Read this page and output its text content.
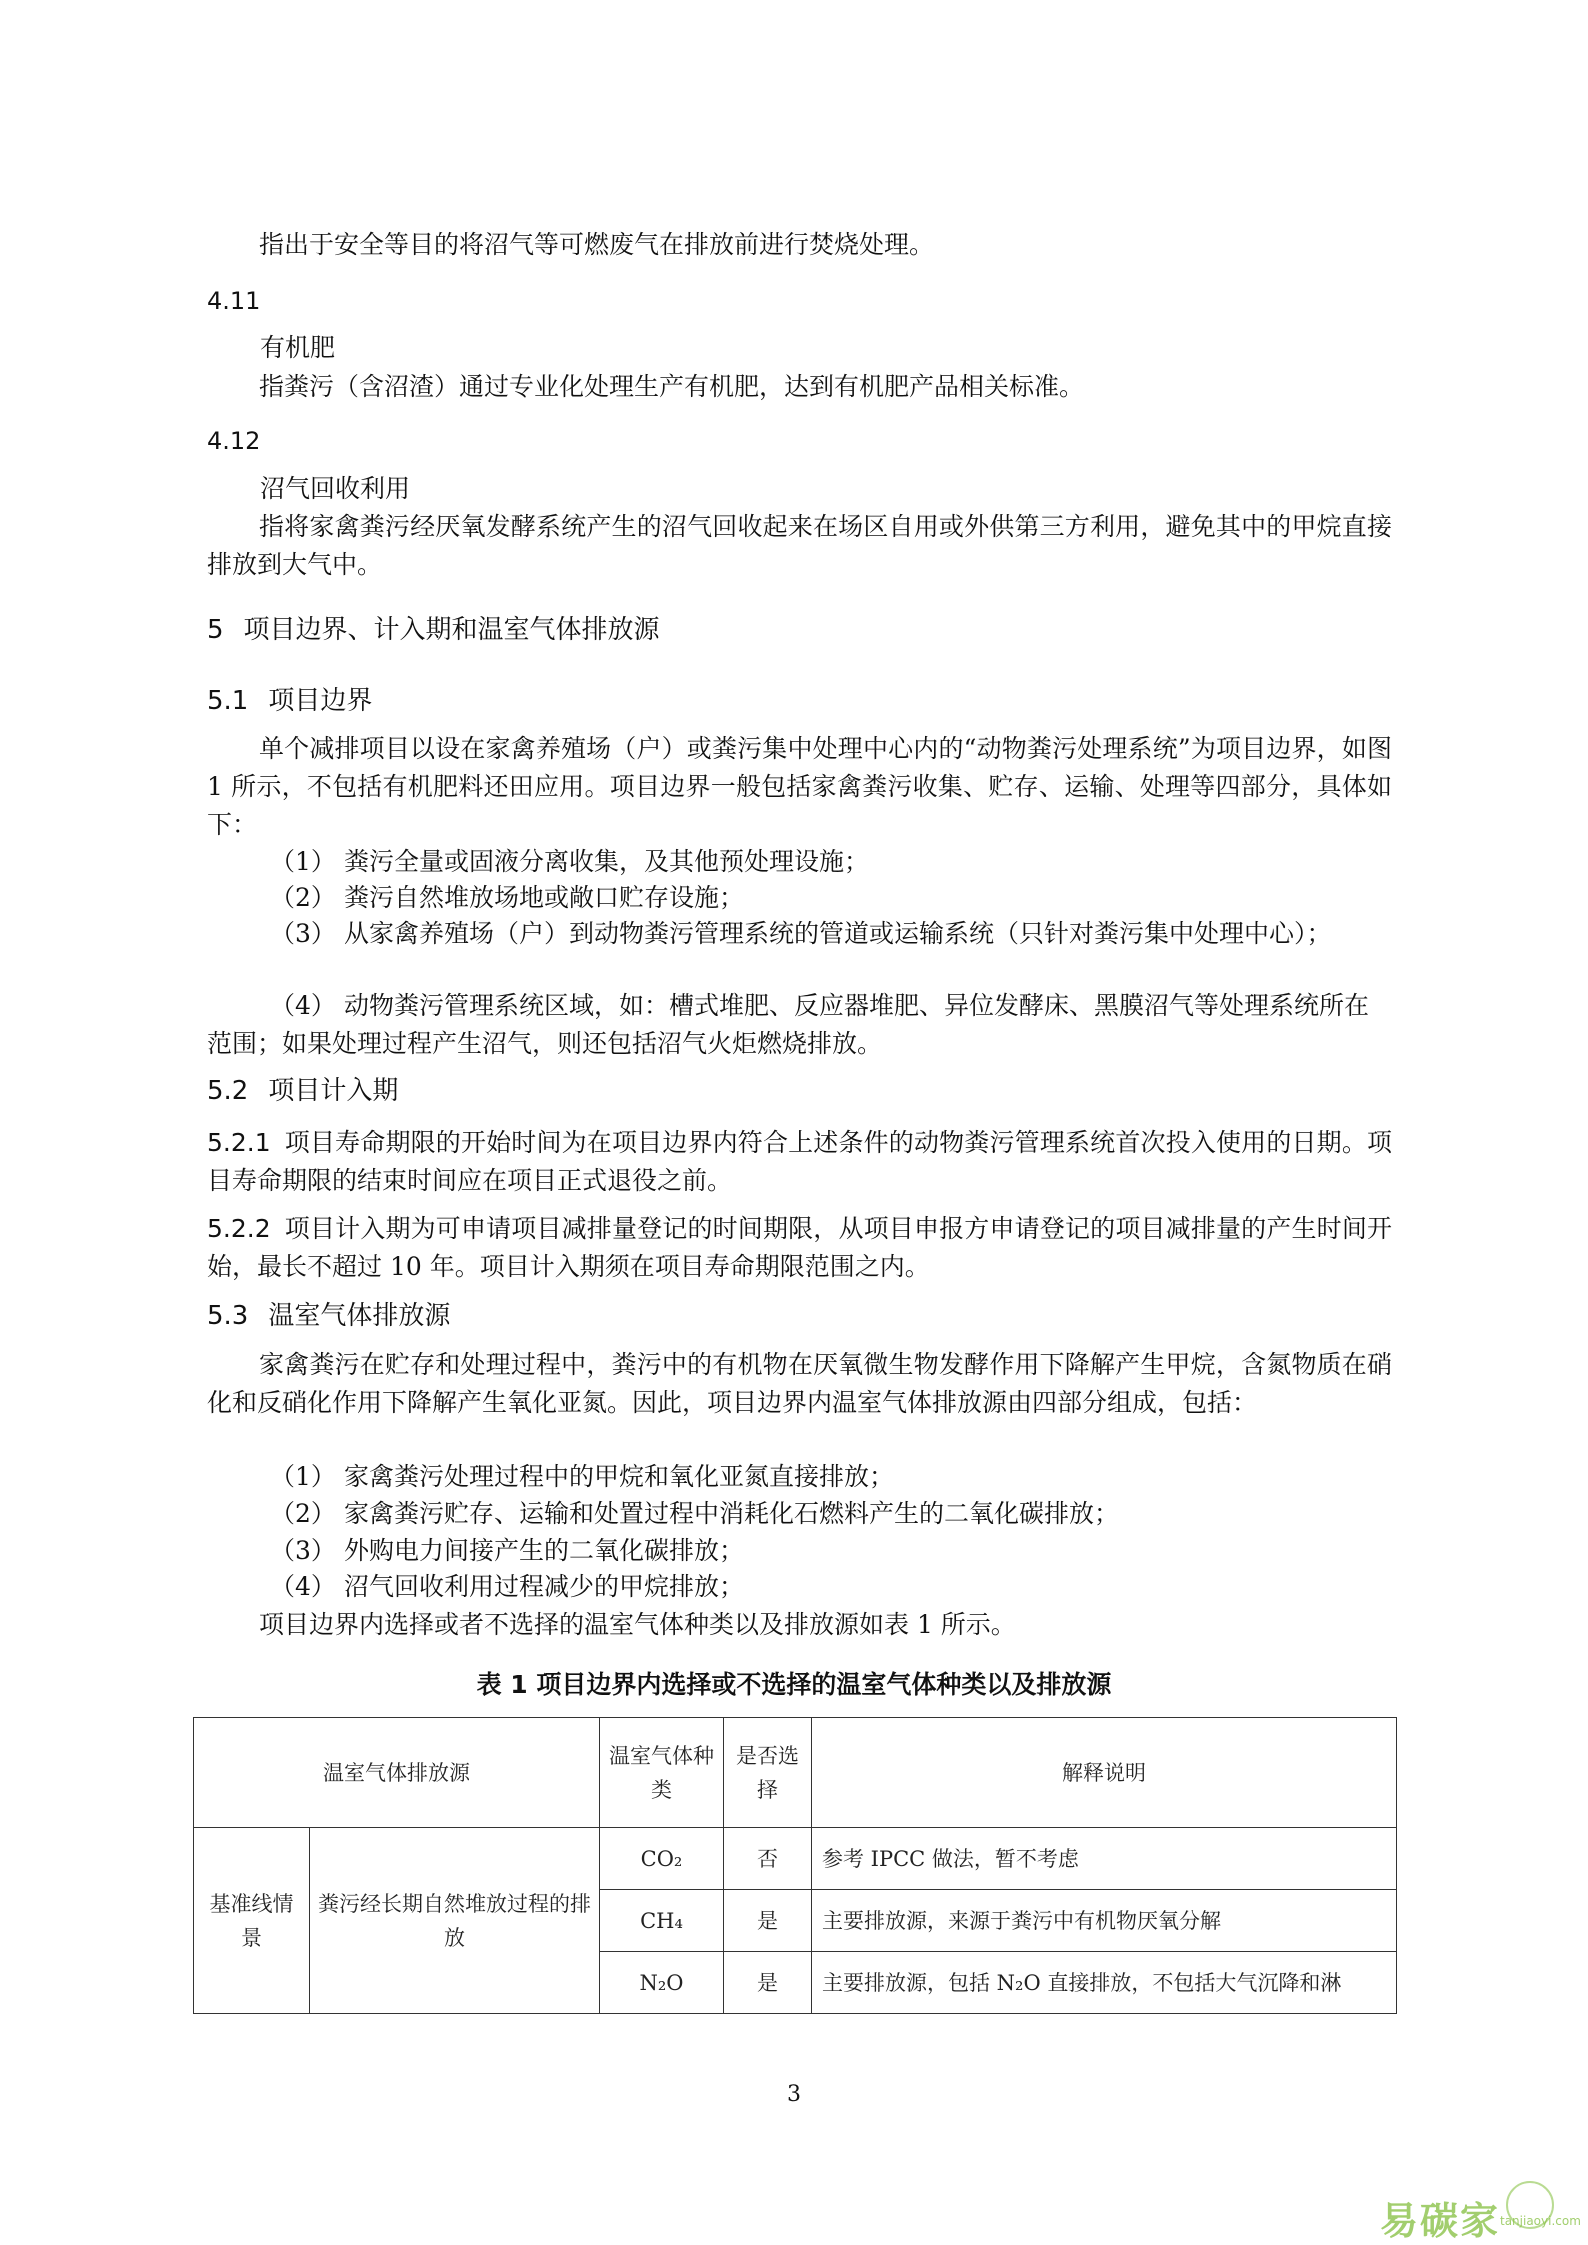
指出于安全等目的将沼气等可燃废气在排放前进行焚烧处理。

4.11
有机肥

指粪污（含沼渣）通过专业化处理生产有机肥，达到有机肥产品相关标准。

4.12
沼气回收利用

指将家禽粪污经厌氧发酵系统产生的沼气回收起来在场区自用或外供第三方利用，避免其中的甲烷直接排放到大气中。

5 项目边界、计入期和温室气体排放源
5.1 项目边界

单个减排项目以设在家禽养殖场（户）或粪污集中处理中心内的“动物粪污处理系统”为项目边界，如图 1 所示，不包括有机肥料还田应用。项目边界一般包括家禽粪污收集、贮存、运输、处理等四部分，具体如下：

（1） 粪污全量或固液分离收集，及其他预处理设施；

（2） 粪污自然堆放场地或敞口贮存设施；

（3） 从家禽养殖场（户）到动物粪污管理系统的管道或运输系统（只针对粪污集中处理中心）；

（4） 动物粪污管理系统区域，如：槽式堆肥、反应器堆肥、异位发酵床、黑膜沼气等处理系统所在范围；如果处理过程产生沼气，则还包括沼气火炬燃烧排放。

5.2 项目计入期

5.2.1 项目寿命期限的开始时间为在项目边界内符合上述条件的动物粪污管理系统首次投入使用的日期。项目寿命期限的结束时间应在项目正式退役之前。

5.2.2 项目计入期为可申请项目减排量登记的时间期限，从项目申报方申请登记的项目减排量的产生时间开始，最长不超过 10 年。项目计入期须在项目寿命期限范围之内。

5.3 温室气体排放源

家禽粪污在贮存和处理过程中，粪污中的有机物在厌氧微生物发酵作用下降解产生甲烷，含氮物质在硝化和反硝化作用下降解产生氧化亚氮。因此，项目边界内温室气体排放源由四部分组成，包括：

（1） 家禽粪污处理过程中的甲烷和氧化亚氮直接排放；

（2） 家禽粪污贮存、运输和处置过程中消耗化石燃料产生的二氧化碳排放；

（3） 外购电力间接产生的二氧化碳排放；

（4） 沼气回收利用过程减少的甲烷排放；

项目边界内选择或者不选择的温室气体种类以及排放源如表 1 所示。

表 1 项目边界内选择或不选择的温室气体种类以及排放源
温室气体排放源		温室气体种类	是否选择	解释说明
基准线情景	粪污经长期自然堆放过程的排放	CO₂	否	参考 IPCC 做法，暂不考虑
		CH₄	是	主要排放源，来源于粪污中有机物厌氧分解
		N₂O	是	主要排放源，包括 N₂O 直接排放，不包括大气沉降和淋
3
易碳家 tanjiaoyi.com
